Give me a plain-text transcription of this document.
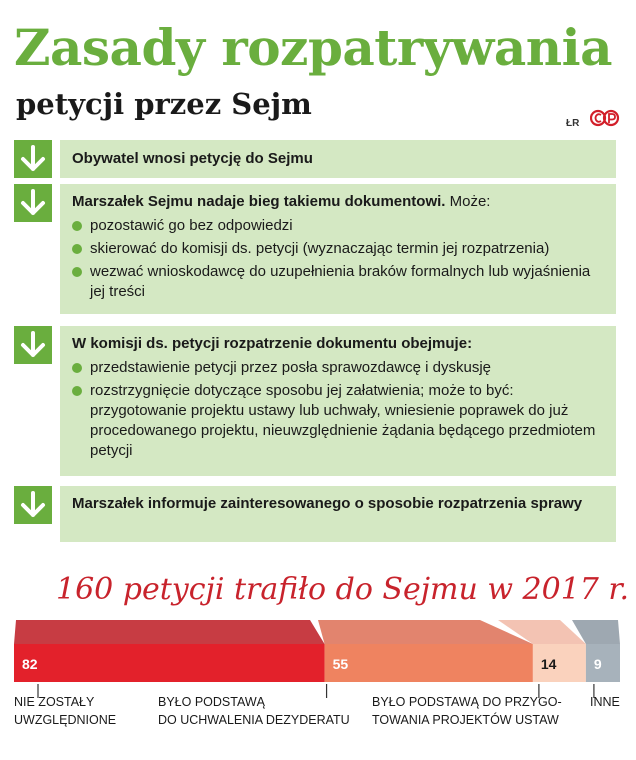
Zasady rozpatrywania
petycji przez Sejm
ŁR
Obywatel wnosi petycję do Sejmu
Marszałek Sejmu nadaje bieg takiemu dokumentowi. Może:
pozostawić go bez odpowiedzi
skierować do komisji ds. petycji (wyznaczając termin jej rozpatrzenia)
wezwać wnioskodawcę do uzupełnienia braków formalnych lub wyjaśnienia jej treści
W komisji ds. petycji rozpatrzenie dokumentu obejmuje:
przedstawienie petycji przez posła sprawozdawcę i dyskusję
rozstrzygnięcie dotyczące sposobu jej załatwienia; może to być: przygotowanie projektu ustawy lub uchwały, wniesienie poprawek do już procedowanego projektu, nieuwzględnienie żądania będącego przedmiotem petycji
Marszałek informuje zainteresowanego o sposobie rozpatrzenia sprawy
160 petycji trafiło do Sejmu w 2017 r.
82	55	14	9
NIE ZOSTAŁY
UWZGLĘDNIONE
BYŁO PODSTAWĄ
DO UCHWALENIA DEZYDERATU
BYŁO PODSTAWĄ DO PRZYGO-
TOWANIA PROJEKTÓW USTAW
INNE
